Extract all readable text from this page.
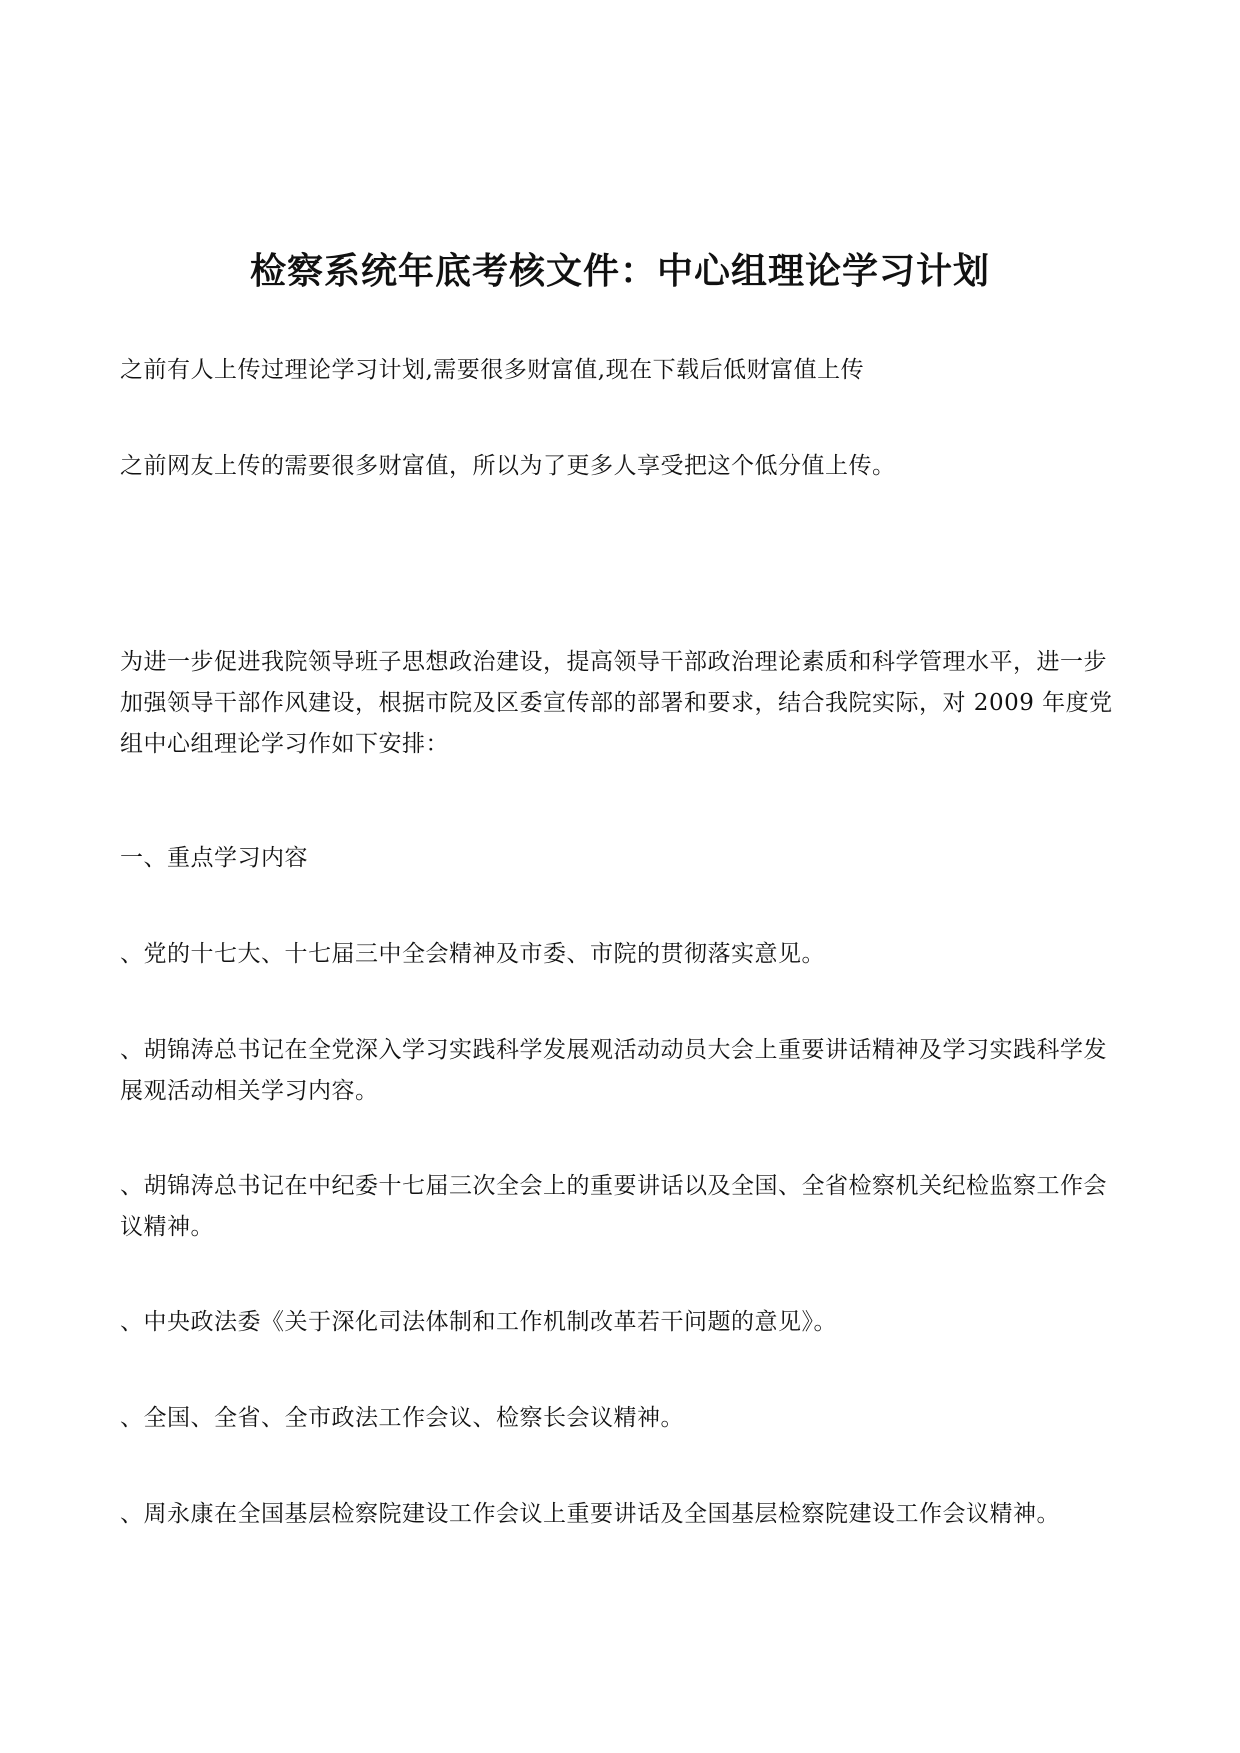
检察系统年底考核文件：中心组理论学习计划

之前有人上传过理论学习计划,需要很多财富值,现在下载后低财富值上传

之前网友上传的需要很多财富值，所以为了更多人享受把这个低分值上传。

为进一步促进我院领导班子思想政治建设，提高领导干部政治理论素质和科学管理水平，进一步加强领导干部作风建设，根据市院及区委宣传部的部署和要求，结合我院实际，对 2009 年度党组中心组理论学习作如下安排：

一、重点学习内容

、党的十七大、十七届三中全会精神及市委、市院的贯彻落实意见。

、胡锦涛总书记在全党深入学习实践科学发展观活动动员大会上重要讲话精神及学习实践科学发展观活动相关学习内容。

、胡锦涛总书记在中纪委十七届三次全会上的重要讲话以及全国、全省检察机关纪检监察工作会议精神。

、中央政法委《关于深化司法体制和工作机制改革若干问题的意见》。

、全国、全省、全市政法工作会议、检察长会议精神。

、周永康在全国基层检察院建设工作会议上重要讲话及全国基层检察院建设工作会议精神。
